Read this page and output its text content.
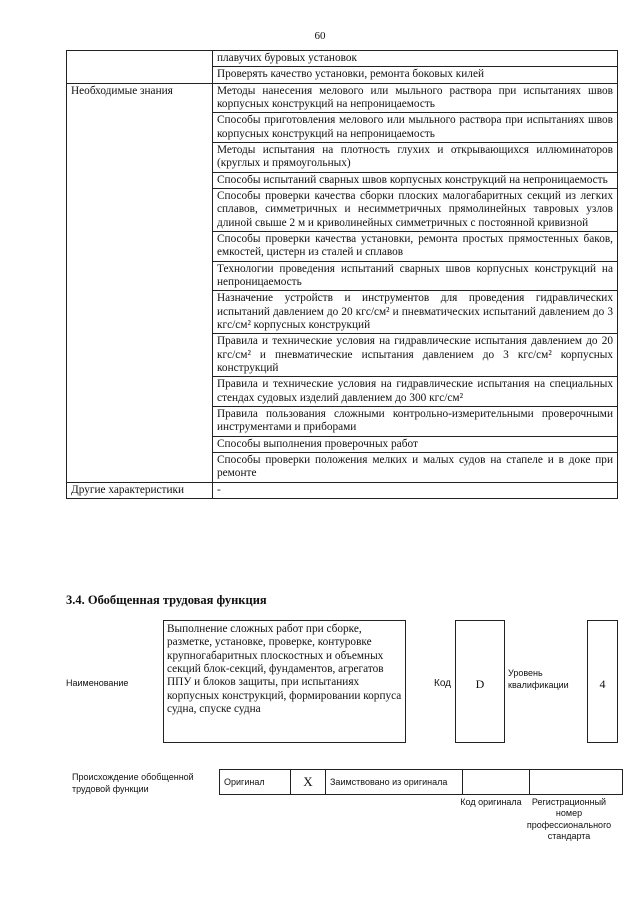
60
	плавучих буровых установок
	Проверять качество установки, ремонта боковых килей
Необходимые знания	Методы нанесения мелового или мыльного раствора при испытаниях швов корпусных конструкций на непроницаемость
	Способы приготовления мелового или мыльного раствора при испытаниях швов корпусных конструкций на непроницаемость
	Методы испытания на плотность глухих и открывающихся иллюминаторов (круглых и прямоугольных)
	Способы испытаний сварных швов корпусных конструкций на непроницаемость
	Способы проверки качества сборки плоских малогабаритных секций из легких сплавов, симметричных и несимметричных прямолинейных тавровых узлов длиной свыше 2 м и криволинейных симметричных с постоянной кривизной
	Способы проверки качества установки, ремонта простых прямостенных баков, емкостей, цистерн из сталей и сплавов
	Технологии проведения испытаний сварных швов корпусных конструкций на непроницаемость
	Назначение устройств и инструментов для проведения гидравлических испытаний давлением до 20 кгс/см² и пневматических испытаний давлением до 3 кгс/см² корпусных конструкций
	Правила и технические условия на гидравлические испытания давлением до 20 кгс/см² и пневматические испытания давлением до 3 кгс/см² корпусных конструкций
	Правила и технические условия на гидравлические испытания на специальных стендах судовых изделий давлением до 300 кгс/см²
	Правила пользования сложными контрольно-измерительными проверочными инструментами и приборами
	Способы выполнения проверочных работ
	Способы проверки положения мелких и малых судов на стапеле и в доке при ремонте
Другие характеристики	-
3.4. Обобщенная трудовая функция
Наименование
Выполнение сложных работ при сборке, разметке, установке, проверке, контуровке крупногабаритных плоскостных и объемных секций блок-секций, фундаментов, агрегатов ППУ и блоков защиты, при испытаниях корпусных конструкций, формировании корпуса судна, спуске судна
Код	D
Уровень квалификации	4
Происхождение обобщенной трудовой функции
Оригинал	X	Заимствовано из оригинала		
Код оригинала	Регистрационный номер профессионального стандарта
